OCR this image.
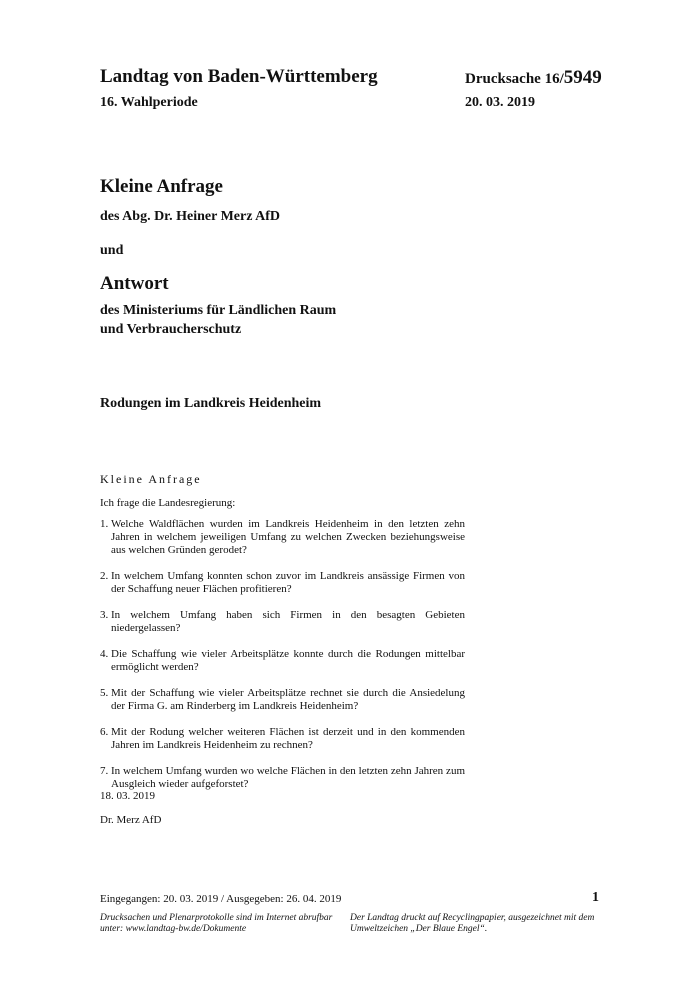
Landtag von Baden-Württemberg
16. Wahlperiode
Drucksache 16/5949
20. 03. 2019
Kleine Anfrage
des Abg. Dr. Heiner Merz AfD
und
Antwort
des Ministeriums für Ländlichen Raum
und Verbraucherschutz
Rodungen im Landkreis Heidenheim
Kleine Anfrage
Ich frage die Landesregierung:
1. Welche Waldflächen wurden im Landkreis Heidenheim in den letzten zehn Jahren in welchem jeweiligen Umfang zu welchen Zwecken beziehungsweise aus welchen Gründen gerodet?
2. In welchem Umfang konnten schon zuvor im Landkreis ansässige Firmen von der Schaffung neuer Flächen profitieren?
3. In welchem Umfang haben sich Firmen in den besagten Gebieten niedergelassen?
4. Die Schaffung wie vieler Arbeitsplätze konnte durch die Rodungen mittelbar ermöglicht werden?
5. Mit der Schaffung wie vieler Arbeitsplätze rechnet sie durch die Ansiedelung der Firma G. am Rinderberg im Landkreis Heidenheim?
6. Mit der Rodung welcher weiteren Flächen ist derzeit und in den kommenden Jahren im Landkreis Heidenheim zu rechnen?
7. In welchem Umfang wurden wo welche Flächen in den letzten zehn Jahren zum Ausgleich wieder aufgeforstet?
18. 03. 2019
Dr. Merz AfD
Eingegangen: 20. 03. 2019 / Ausgegeben: 26. 04. 2019	1
Drucksachen und Plenarprotokolle sind im Internet abrufbar unter: www.landtag-bw.de/Dokumente
Der Landtag druckt auf Recyclingpapier, ausgezeichnet mit dem Umweltzeichen „Der Blaue Engel“.
